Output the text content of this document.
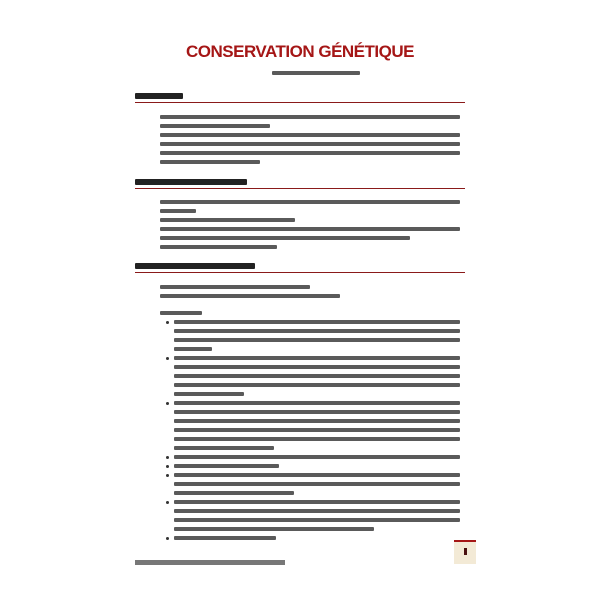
CONSERVATION GÉNÉTIQUE
